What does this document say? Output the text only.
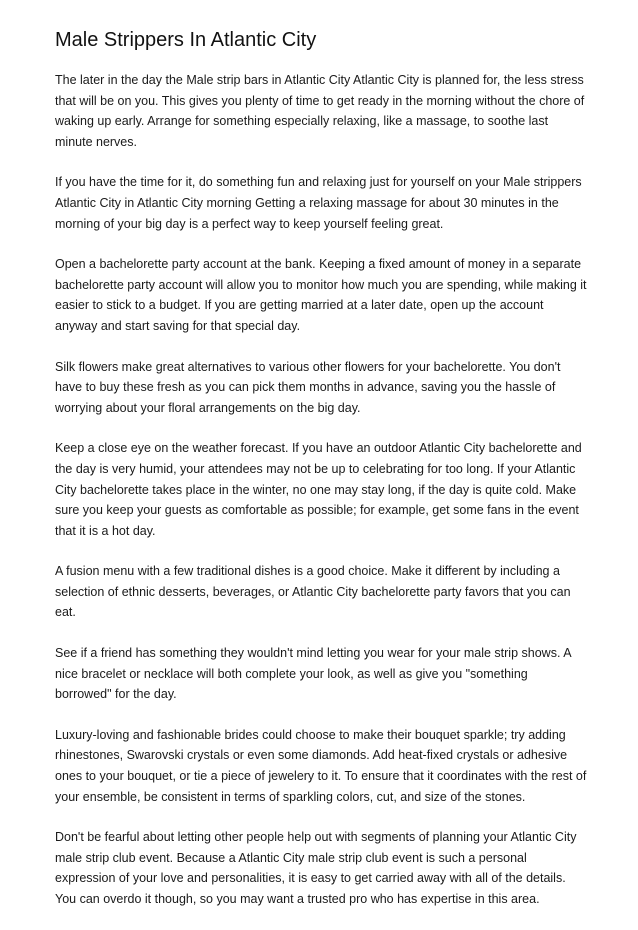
Male Strippers In Atlantic City

The later in the day the Male strip bars in Atlantic City Atlantic City is planned for, the less stress that will be on you. This gives you plenty of time to get ready in the morning without the chore of waking up early. Arrange for something especially relaxing, like a massage, to soothe last minute nerves.

If you have the time for it, do something fun and relaxing just for yourself on your Male strippers Atlantic City in Atlantic City morning Getting a relaxing massage for about 30 minutes in the morning of your big day is a perfect way to keep yourself feeling great.

Open a bachelorette party account at the bank. Keeping a fixed amount of money in a separate bachelorette party account will allow you to monitor how much you are spending, while making it easier to stick to a budget. If you are getting married at a later date, open up the account anyway and start saving for that special day.

Silk flowers make great alternatives to various other flowers for your bachelorette. You don't have to buy these fresh as you can pick them months in advance, saving you the hassle of worrying about your floral arrangements on the big day.

Keep a close eye on the weather forecast. If you have an outdoor Atlantic City bachelorette and the day is very humid, your attendees may not be up to celebrating for too long. If your Atlantic City bachelorette takes place in the winter, no one may stay long, if the day is quite cold. Make sure you keep your guests as comfortable as possible; for example, get some fans in the event that it is a hot day.

A fusion menu with a few traditional dishes is a good choice. Make it different by including a selection of ethnic desserts, beverages, or Atlantic City bachelorette party favors that you can eat.

See if a friend has something they wouldn't mind letting you wear for your male strip shows. A nice bracelet or necklace will both complete your look, as well as give you "something borrowed" for the day.

Luxury-loving and fashionable brides could choose to make their bouquet sparkle; try adding rhinestones, Swarovski crystals or even some diamonds. Add heat-fixed crystals or adhesive ones to your bouquet, or tie a piece of jewelery to it. To ensure that it coordinates with the rest of your ensemble, be consistent in terms of sparkling colors, cut, and size of the stones.

Don't be fearful about letting other people help out with segments of planning your Atlantic City male strip club event. Because a Atlantic City male strip club event is such a personal expression of your love and personalities, it is easy to get carried away with all of the details. You can overdo it though, so you may want a trusted pro who has expertise in this area.
